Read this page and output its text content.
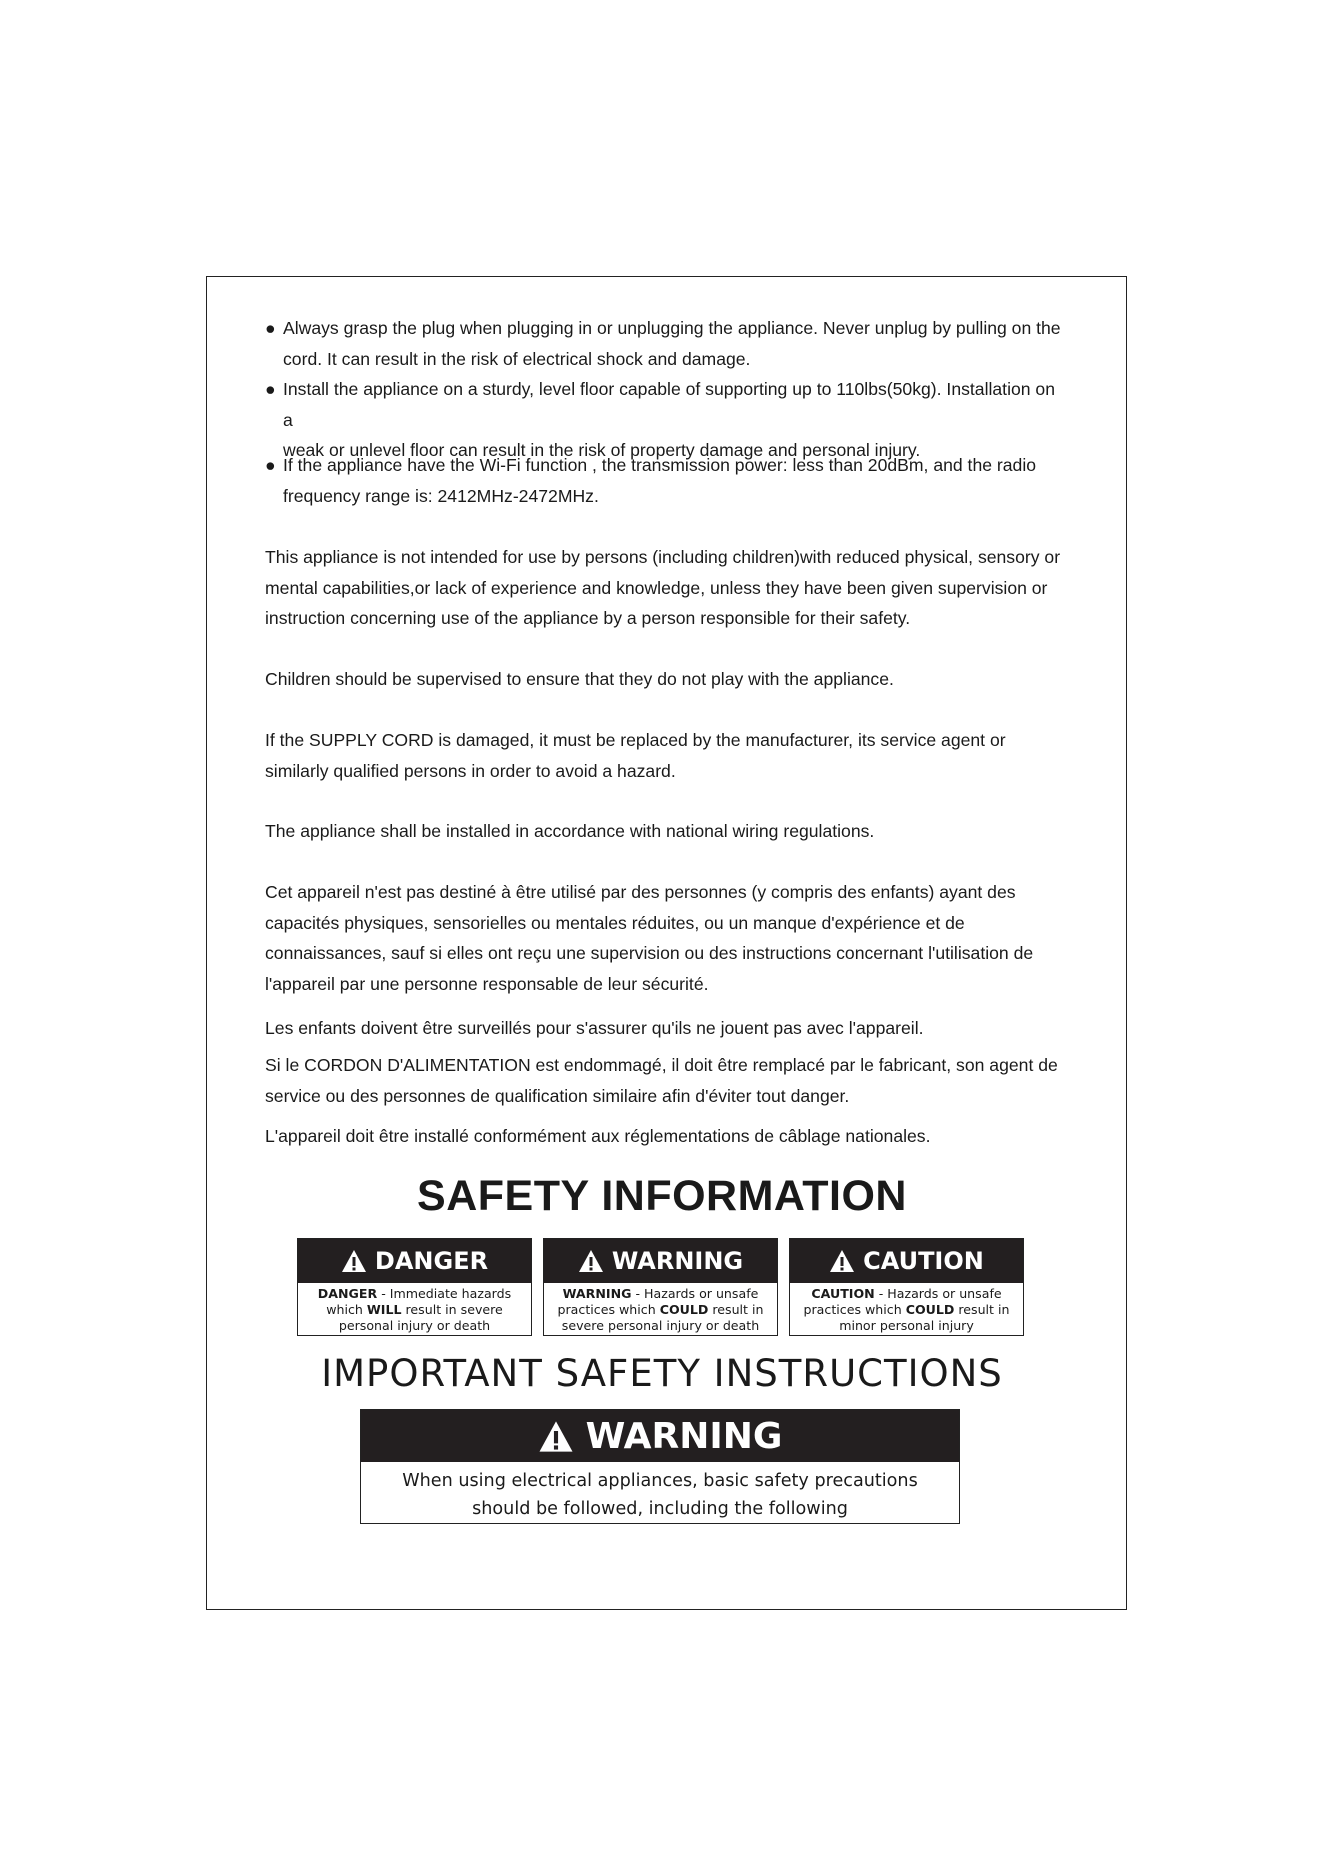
● Always grasp the plug when plugging in or unplugging the appliance. Never unplug by pulling on the
cord. It can result in the risk of electrical shock and damage.
● Install the appliance on a sturdy, level floor capable of supporting up to 110lbs(50kg). Installation on a
weak or unlevel floor can result in the risk of property damage and personal injury.
● If the appliance have the Wi-Fi function , the transmission power: less than 20dBm, and the radio
frequency range is: 2412MHz-2472MHz.

This appliance is not intended for use by persons (including children)with reduced physical, sensory or
mental capabilities,or lack of experience and knowledge, unless they have been given supervision or
instruction concerning use of the appliance by a person responsible for their safety.

Children should be supervised to ensure that they do not play with the appliance.

If the SUPPLY CORD is damaged, it must be replaced by the manufacturer, its service agent or
similarly qualified persons in order to avoid a hazard.

The appliance shall be installed in accordance with national wiring regulations.

Cet appareil n'est pas destiné à être utilisé par des personnes (y compris des enfants) ayant des
capacités physiques, sensorielles ou mentales réduites, ou un manque d'expérience et de
connaissances, sauf si elles ont reçu une supervision ou des instructions concernant l'utilisation de
l'appareil par une personne responsable de leur sécurité.

Les enfants doivent être surveillés pour s'assurer qu'ils ne jouent pas avec l'appareil.

Si le CORDON D'ALIMENTATION est endommagé, il doit être remplacé par le fabricant, son agent de
service ou des personnes de qualification similaire afin d'éviter tout danger.

L'appareil doit être installé conformément aux réglementations de câblage nationales.

SAFETY INFORMATION
DANGER
DANGER - Immediate hazards
which WILL result in severe
personal injury or death
WARNING
WARNING - Hazards or unsafe
practices which COULD result in
severe personal injury or death
CAUTION
CAUTION - Hazards or unsafe
practices which COULD result in
minor personal injury
IMPORTANT SAFETY INSTRUCTIONS
WARNING
When using electrical appliances, basic safety precautions
should be followed, including the following
